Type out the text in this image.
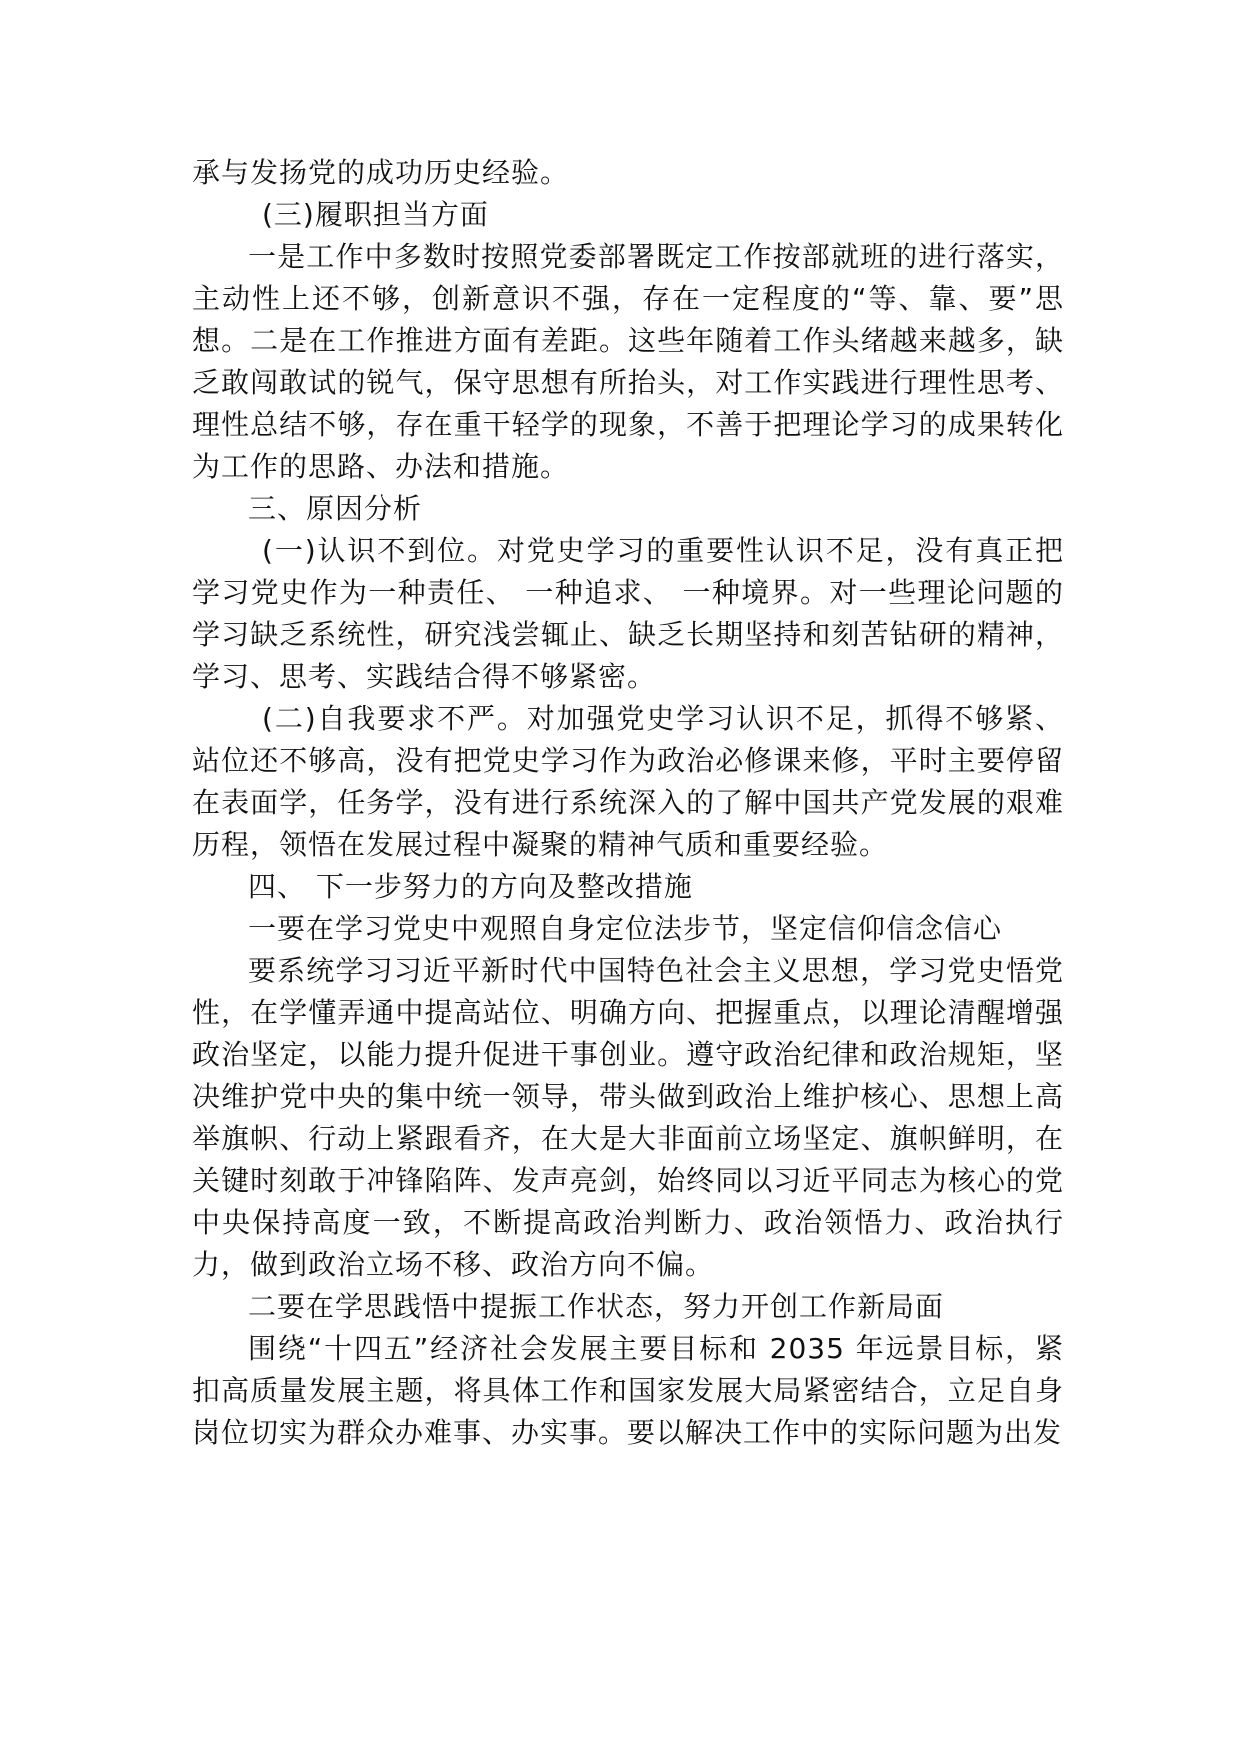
承与发扬党的成功历史经验。

(三)履职担当方面

一是工作中多数时按照党委部署既定工作按部就班的进行落实，主动性上还不够，创新意识不强，存在一定程度的“等、靠、要”思想。二是在工作推进方面有差距。这些年随着工作头绪越来越多，缺乏敢闯敢试的锐气，保守思想有所抬头，对工作实践进行理性思考、理性总结不够，存在重干轻学的现象，不善于把理论学习的成果转化为工作的思路、办法和措施。

三、原因分析

(一)认识不到位。对党史学习的重要性认识不足，没有真正把学习党史作为一种责任、 一种追求、 一种境界。对一些理论问题的学习缺乏系统性，研究浅尝辄止、缺乏长期坚持和刻苦钻研的精神，学习、思考、实践结合得不够紧密。

(二)自我要求不严。对加强党史学习认识不足，抓得不够紧、站位还不够高，没有把党史学习作为政治必修课来修，平时主要停留在表面学，任务学，没有进行系统深入的了解中国共产党发展的艰难历程，领悟在发展过程中凝聚的精神气质和重要经验。

四、 下一步努力的方向及整改措施

一要在学习党史中观照自身定位法步节，坚定信仰信念信心

要系统学习习近平新时代中国特色社会主义思想，学习党史悟党性，在学懂弄通中提高站位、明确方向、把握重点，以理论清醒增强政治坚定，以能力提升促进干事创业。遵守政治纪律和政治规矩，坚决维护党中央的集中统一领导，带头做到政治上维护核心、思想上高举旗帜、行动上紧跟看齐，在大是大非面前立场坚定、旗帜鲜明，在关键时刻敢于冲锋陷阵、发声亮剑，始终同以习近平同志为核心的党中央保持高度一致，不断提高政治判断力、政治领悟力、政治执行力，做到政治立场不移、政治方向不偏。

二要在学思践悟中提振工作状态，努力开创工作新局面

围绕“十四五”经济社会发展主要目标和 2035 年远景目标，紧扣高质量发展主题，将具体工作和国家发展大局紧密结合，立足自身岗位切实为群众办难事、办实事。要以解决工作中的实际问题为出发
